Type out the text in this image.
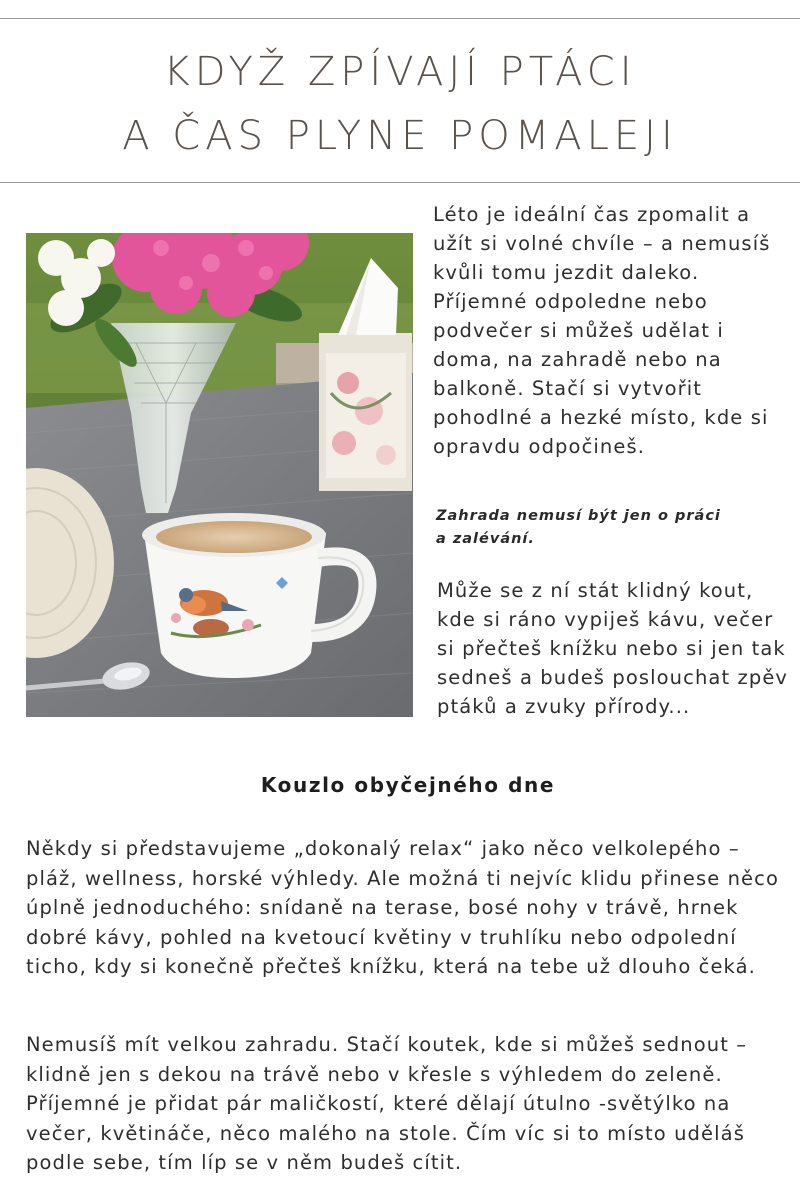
KDYŽ ZPÍVAJÍ PTÁCI
A ČAS PLYNE POMALEJI

Léto je ideální čas zpomalit a užít si volné chvíle – a nemusíš kvůli tomu jezdit daleko. Příjemné odpoledne nebo podvečer si můžeš udělat i doma, na zahradě nebo na balkoně. Stačí si vytvořit pohodlné a hezké místo, kde si opravdu odpočineš.

Zahrada nemusí být jen o práci
a zalévání.

Může se z ní stát klidný kout, kde si ráno vypiješ kávu, večer si přečteš knížku nebo si jen tak sedneš a budeš poslouchat zpěv ptáků a zvuky přírody...

Kouzlo obyčejného dne

Někdy si představujeme „dokonalý relax“ jako něco velkolepého – pláž, wellness, horské výhledy. Ale možná ti nejvíc klidu přinese něco úplně jednoduchého: snídaně na terase, bosé nohy v trávě, hrnek dobré kávy, pohled na kvetoucí květiny v truhlíku nebo odpolední ticho, kdy si konečně přečteš knížku, která na tebe už dlouho čeká.

Nemusíš mít velkou zahradu. Stačí koutek, kde si můžeš sednout – klidně jen s dekou na trávě nebo v křesle s výhledem do zeleně. Příjemné je přidat pár maličkostí, které dělají útulno -světýlko na večer, květináče, něco malého na stole. Čím víc si to místo uděláš podle sebe, tím líp se v něm budeš cítit.
